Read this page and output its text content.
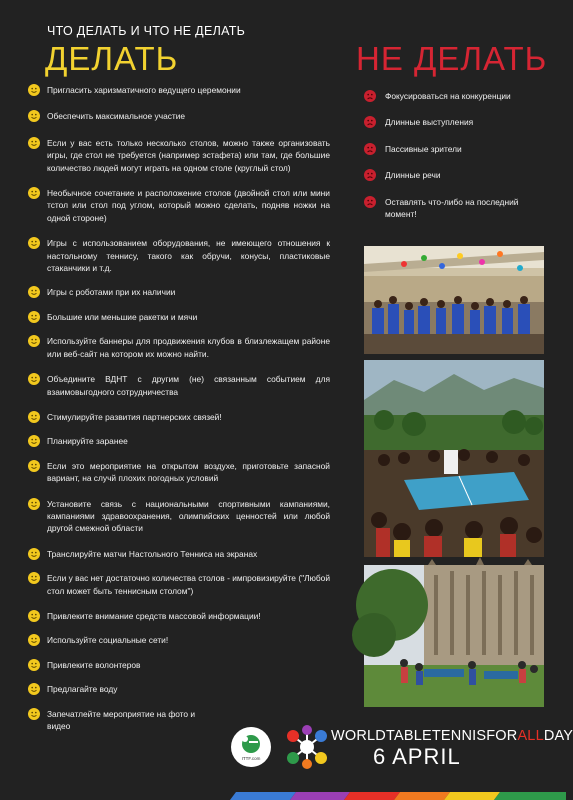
ЧТО ДЕЛАТЬ И ЧТО НЕ ДЕЛАТЬ
ДЕЛАТЬ	НЕ ДЕЛАТЬ
Пригласить харизматичного ведущего церемонии
Обеспечить максимальное участие
Если у вас есть только несколько столов, можно также организовать игры, где стол не требуется (например эстафета) или там, где большие количество людей могут играть на одном столе (круглый стол)
Необычное сочетание и расположение столов (двойной стол или мини тстол или стол под углом, который можно сделать, подняв ножки на одной стороне)
Игры с использованием оборудования, не имеющего отношения к настольному теннису, такого как обручи, конусы, пластиковые стаканчики и т.д.
Игры с роботами при их наличии
Большие или меньшие ракетки и мячи
Используйте баннеры для продвижения клубов в близлежащем районе или веб-сайт на котором их можно найти.
Объедините ВДНТ с другим (не) связанным событием для взаимовыгодного сотрудничества
Стимулируйте развития партнерских связей!
Планируйте заранее
Если это мероприятие на открытом воздухе, приготовьте запасной вариант, на случй плохих погодных условий
Установите связь с национальными спортивными кампаниями, кампаниями здравоохранения, олимпийских ценностей или любой другой смежной области
Транслируйте матчи Настольного Тенниса на экранах
Если у вас нет достаточно количества столов - импровизируйте ("Любой стол может быть теннисным столом")
Привлеките внимание средств массовой информации!
Используйте социальные сети!
Привлеките волонтеров
Предлагайте воду
Запечатлейте мероприятие на фото и видео
Фокусироваться на конкуренции
Длинные выступления
Пассивные зрители
Длинные речи
Оставлять что-либо на последний момент!
ITTF.com
WORLDTABLETENNISFORALLDAY
6 APRIL
